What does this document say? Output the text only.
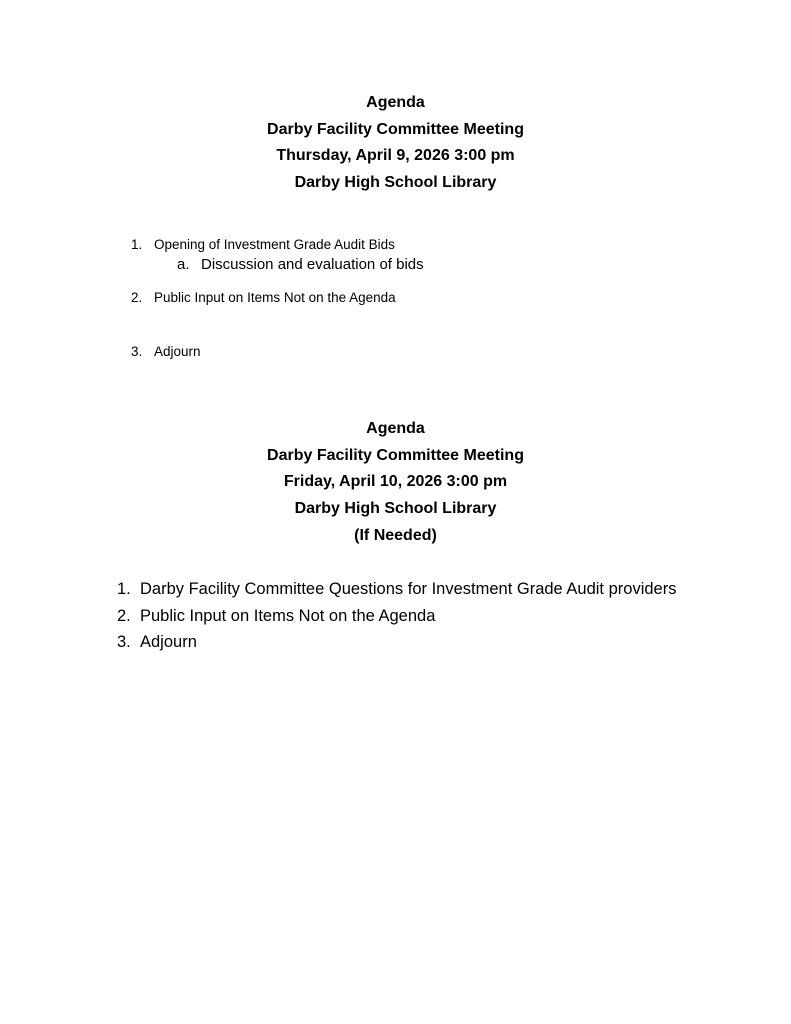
Agenda
Darby Facility Committee Meeting
Thursday, April 9, 2026 3:00 pm
Darby High School Library
1. Opening of Investment Grade Audit Bids
a. Discussion and evaluation of bids
2. Public Input on Items Not on the Agenda
3. Adjourn
Agenda
Darby Facility Committee Meeting
Friday, April 10, 2026 3:00 pm
Darby High School Library
(If Needed)
1. Darby Facility Committee Questions for Investment Grade Audit providers
2. Public Input on Items Not on the Agenda
3. Adjourn
